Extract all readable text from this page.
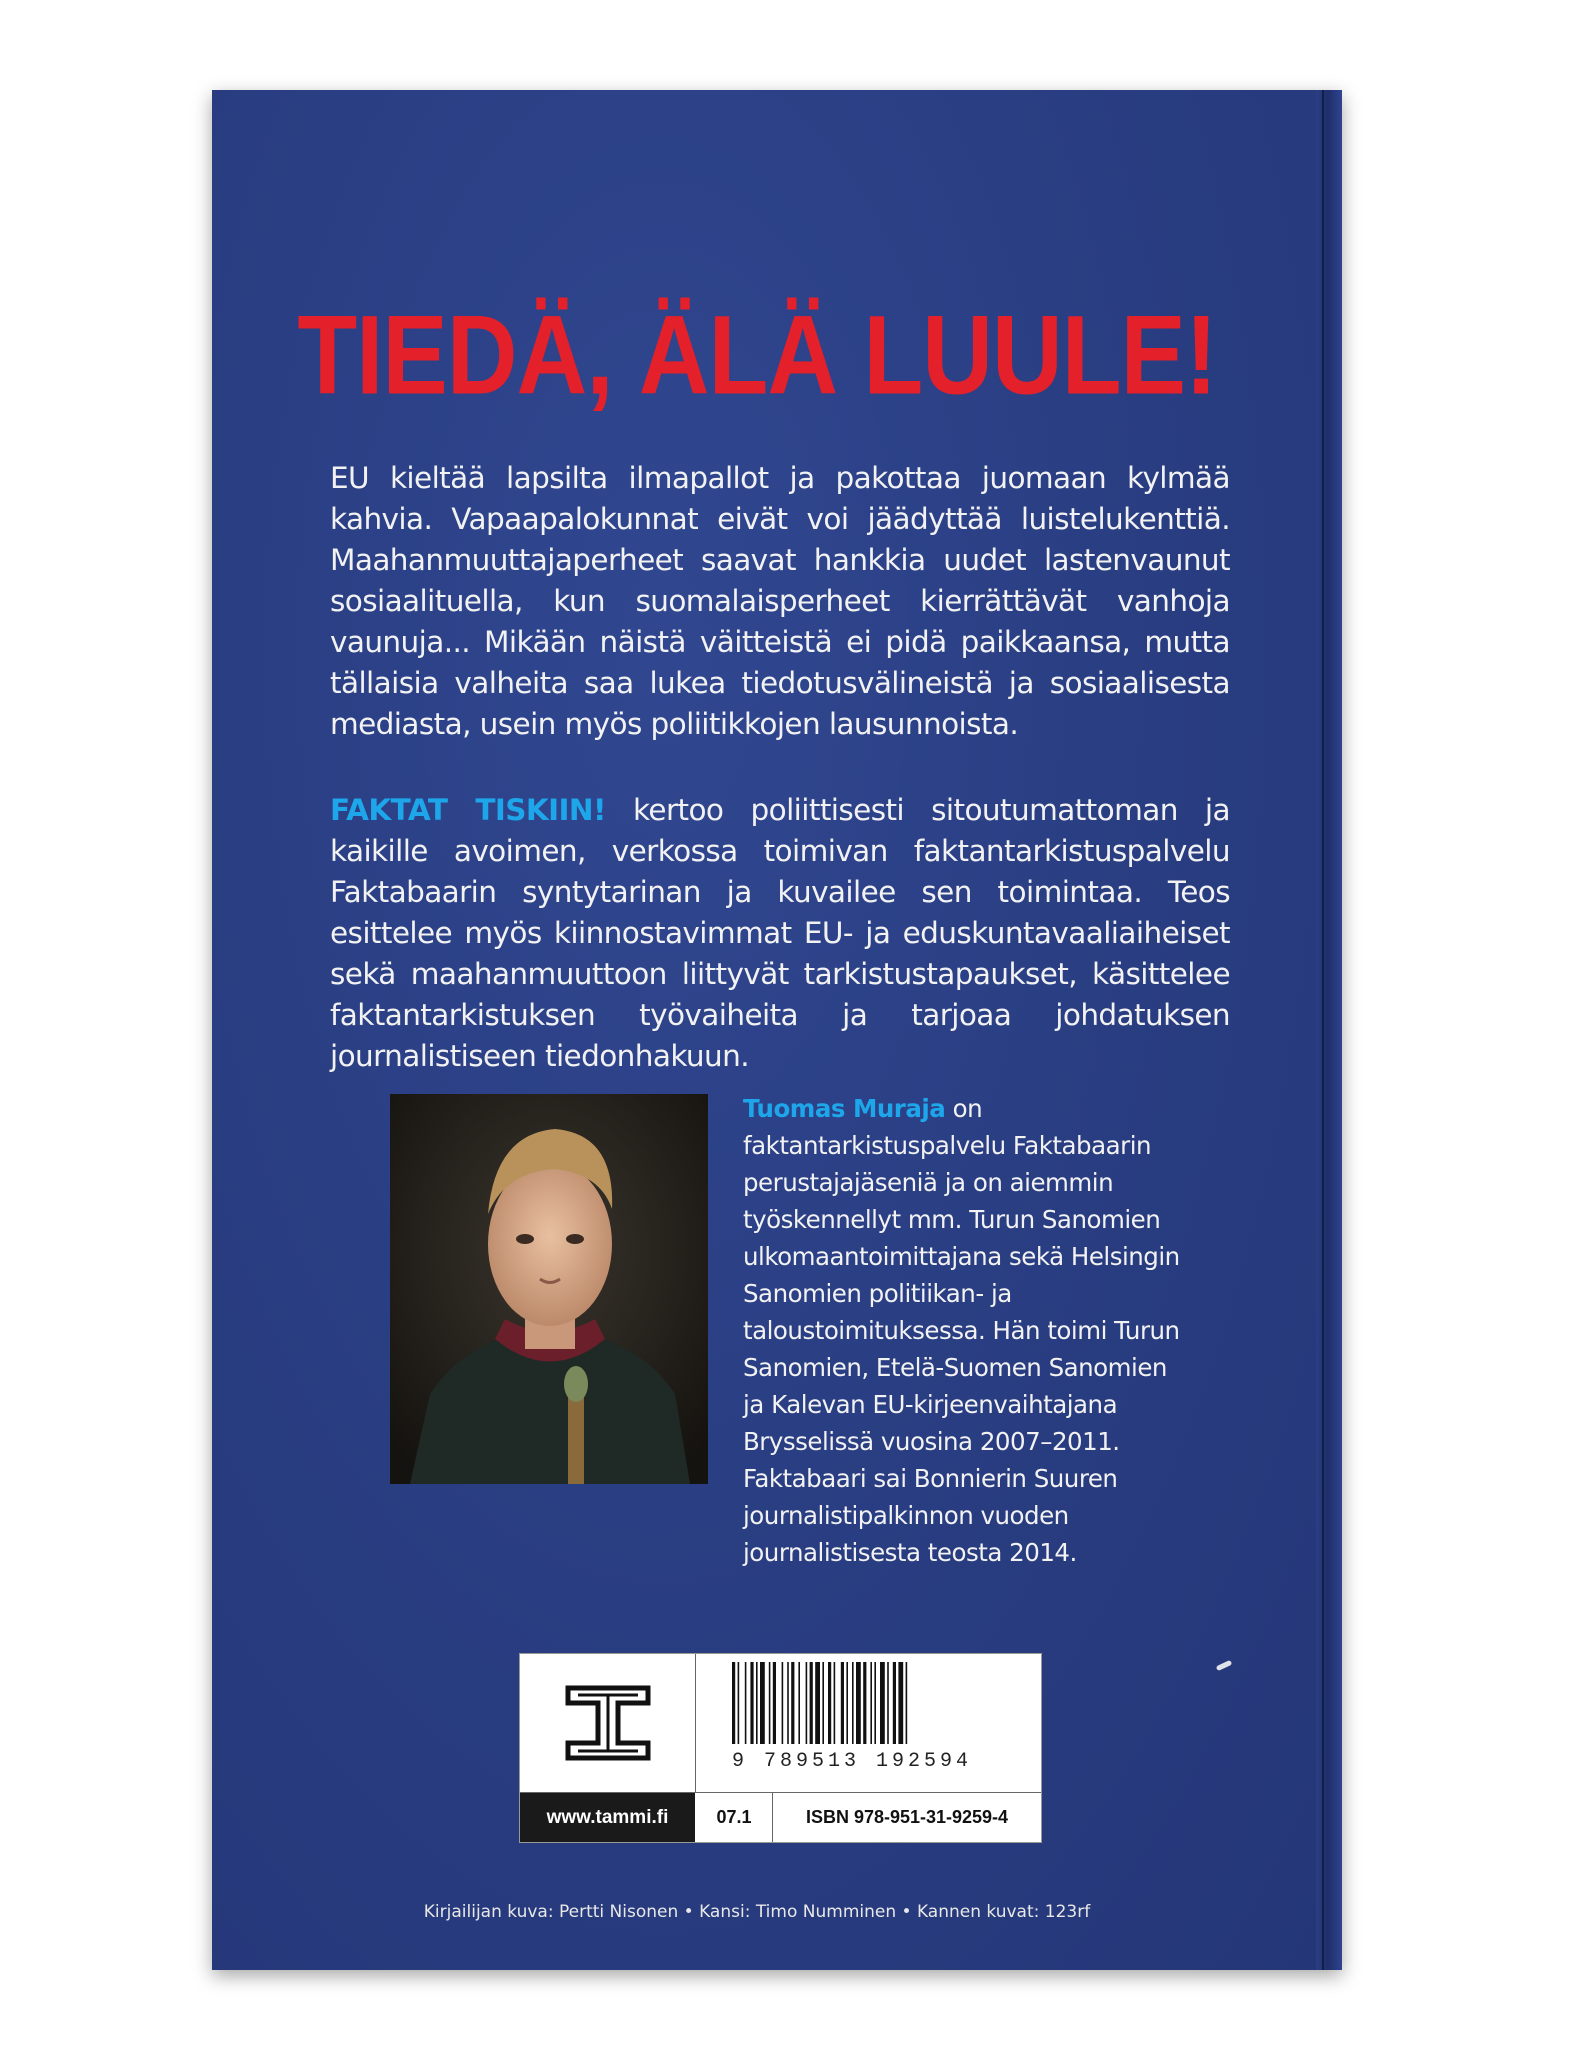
TIEDÄ, ÄLÄ LUULE!
EU kieltää lapsilta ilmapallot ja pakottaa juomaan kylmää kahvia. Vapaapalokunnat eivät voi jäädyttää luistelukenttiä. Maahanmuuttajaperheet saavat hankkia uudet lastenvaunut sosiaalituella, kun suomalaisperheet kierrättävät vanhoja vaunuja... Mikään näistä väitteistä ei pidä paikkaansa, mutta tällaisia valheita saa lukea tiedotusvälineistä ja sosiaalisesta mediasta, usein myös poliitikkojen lausunnoista.
FAKTAT TISKIIN! kertoo poliittisesti sitoutumattoman ja kaikille avoimen, verkossa toimivan faktantarkistuspalvelu Faktabaarin syntytarinan ja kuvailee sen toimintaa. Teos esittelee myös kiinnostavimmat EU- ja eduskuntavaaliaiheiset sekä maahanmuuttoon liittyvät tarkistustapaukset, käsittelee faktantarkistuksen työvaiheita ja tarjoaa johdatuksen journalistiseen tiedonhakuun.
Tuomas Muraja on faktantarkistuspalvelu Faktabaarin perustajajäseniä ja on aiemmin työskennellyt mm. Turun Sanomien ulkomaantoimittajana sekä Helsingin Sanomien politiikan- ja taloustoimituksessa. Hän toimi Turun Sanomien, Etelä-Suomen Sanomien ja Kalevan EU-kirjeenvaihtajana Brysselissä vuosina 2007–2011. Faktabaari sai Bonnierin Suuren journalistipalkinnon vuoden journalistisesta teosta 2014.
9 789513 192594
www.tammi.fi	07.1	ISBN 978-951-31-9259-4
Kirjailijan kuva: Pertti Nisonen • Kansi: Timo Numminen • Kannen kuvat: 123rf
